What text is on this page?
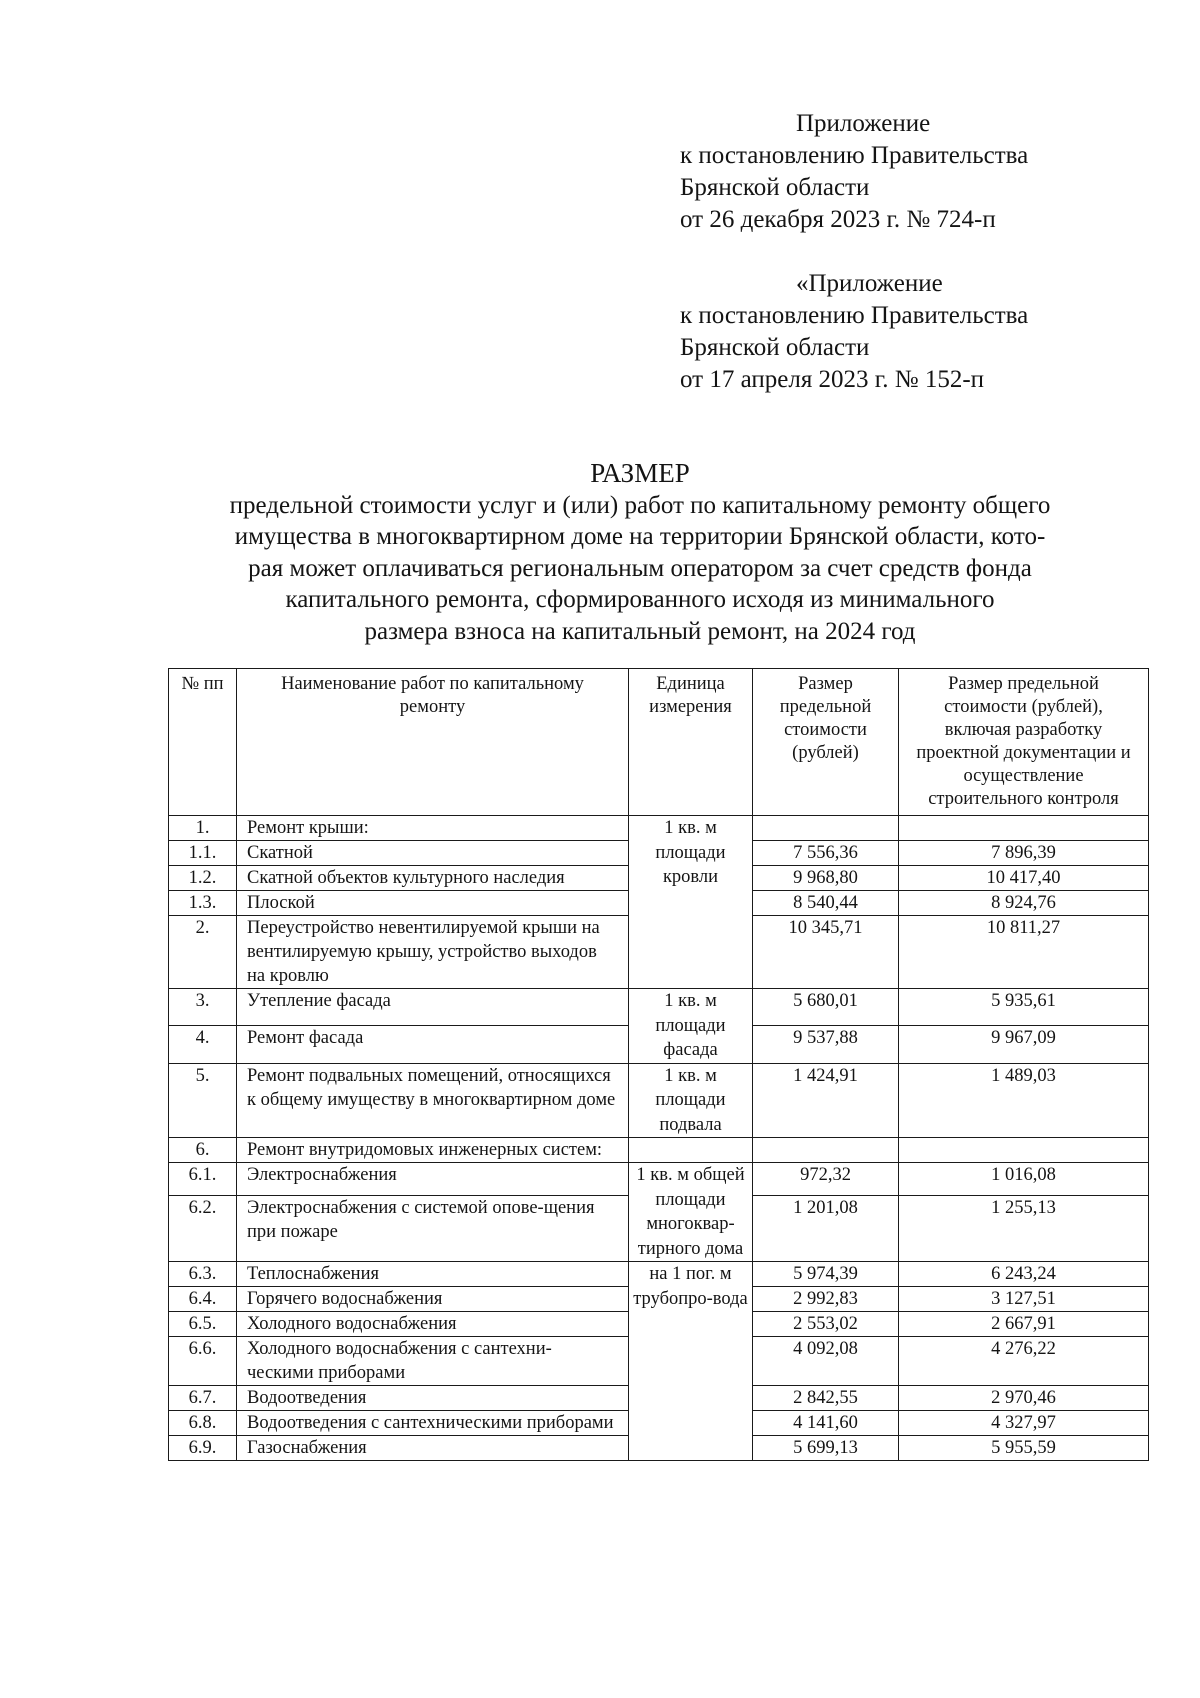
Приложение
к постановлению Правительства
Брянской области
от 26 декабря 2023 г. № 724-п
«Приложение
к постановлению Правительства
Брянской области
от 17 апреля 2023 г. № 152-п
РАЗМЕР
предельной стоимости услуг и (или) работ по капитальному ремонту общего
имущества в многоквартирном доме на территории Брянской области, кото-
рая может оплачиваться региональным оператором за счет средств фонда
капитального ремонта, сформированного исходя из минимального
размера взноса на капитальный ремонт, на 2024 год
№ пп	Наименование работ по капитальному ремонту	Единица измерения	Размер предельной стоимости (рублей)	Размер предельной стоимости (рублей), включая разработку проектной документации и осуществление строительного контроля
1.	Ремонт крыши:	1 кв. м площади кровли		
1.1.	Скатной		7 556,36	7 896,39
1.2.	Скатной объектов культурного наследия		9 968,80	10 417,40
1.3.	Плоской		8 540,44	8 924,76
2.	Переустройство невентилируемой крыши на вентилируемую крышу, устройство выходов на кровлю		10 345,71	10 811,27
3.	Утепление фасада	1 кв. м площади фасада	5 680,01	5 935,61
4.	Ремонт фасада		9 537,88	9 967,09
5.	Ремонт подвальных помещений, относящихся к общему имуществу в многоквартирном доме	1 кв. м площади подвала	1 424,91	1 489,03
6.	Ремонт внутридомовых инженерных систем:			
6.1.	Электроснабжения	1 кв. м общей площади многоквар-тирного дома	972,32	1 016,08
6.2.	Электроснабжения с системой опове-щения при пожаре		1 201,08	1 255,13
6.3.	Теплоснабжения	на 1 пог. м трубопро-вода	5 974,39	6 243,24
6.4.	Горячего водоснабжения		2 992,83	3 127,51
6.5.	Холодного водоснабжения		2 553,02	2 667,91
6.6.	Холодного водоснабжения с сантехни-ческими приборами		4 092,08	4 276,22
6.7.	Водоотведения		2 842,55	2 970,46
6.8.	Водоотведения с сантехническими приборами		4 141,60	4 327,97
6.9.	Газоснабжения		5 699,13	5 955,59
